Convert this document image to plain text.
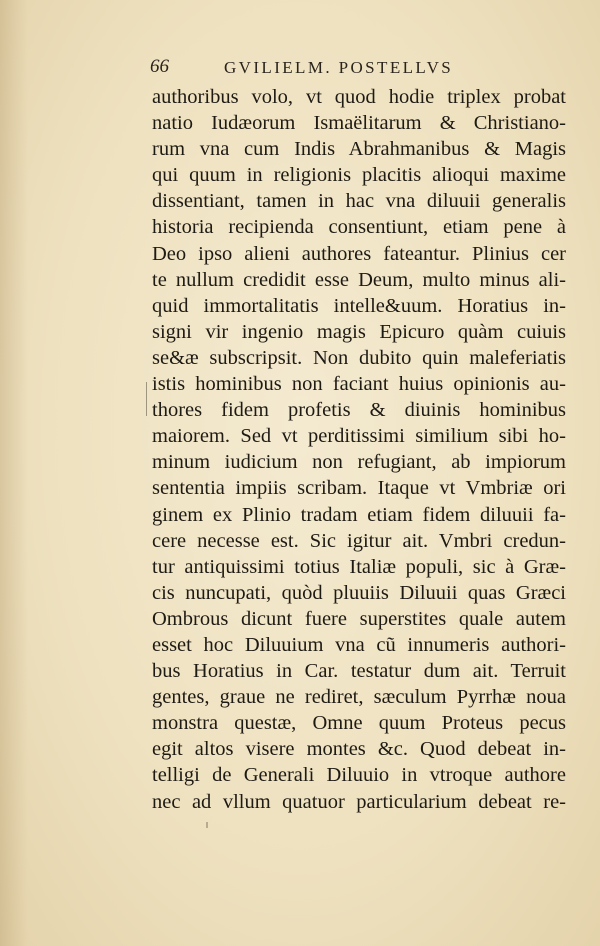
66	GVILIELM. POSTELLVS
authoribus volo, vt quod hodie triplex probat
natio Iudæorum Ismaëlitarum & Christiano-
rum vna cum Indis Abrahmanibus & Magis
qui quum in religionis placitis alioqui maxime
dissentiant, tamen in hac vna diluuii generalis
historia recipienda consentiunt, etiam pene à
Deo ipso alieni authores fateantur. Plinius cer
te nullum credidit esse Deum, multo minus ali-
quid immortalitatis intelle&uum. Horatius in-
signi vir ingenio magis Epicuro quàm cuiuis
se&æ subscripsit. Non dubito quin maleferiatis
istis hominibus non faciant huius opinionis au-
thores fidem profetis & diuinis hominibus
maiorem. Sed vt perditissimi similium sibi ho-
minum iudicium non refugiant, ab impiorum
sententia impiis scribam. Itaque vt Vmbriæ ori
ginem ex Plinio tradam etiam fidem diluuii fa-
cere necesse est. Sic igitur ait. Vmbri credun-
tur antiquissimi totius Italiæ populi, sic à Græ-
cis nuncupati, quòd pluuiis Diluuii quas Græci
Ombrous dicunt fuere superstites quale autem
esset hoc Diluuium vna cũ innumeris authori-
bus Horatius in Car. testatur dum ait. Terruit
gentes, graue ne rediret, sæculum Pyrrhæ noua
monstra questæ, Omne quum Proteus pecus
egit altos visere montes &c. Quod debeat in-
telligi de Generali Diluuio in vtroque authore
nec ad vllum quatuor particularium debeat re-
